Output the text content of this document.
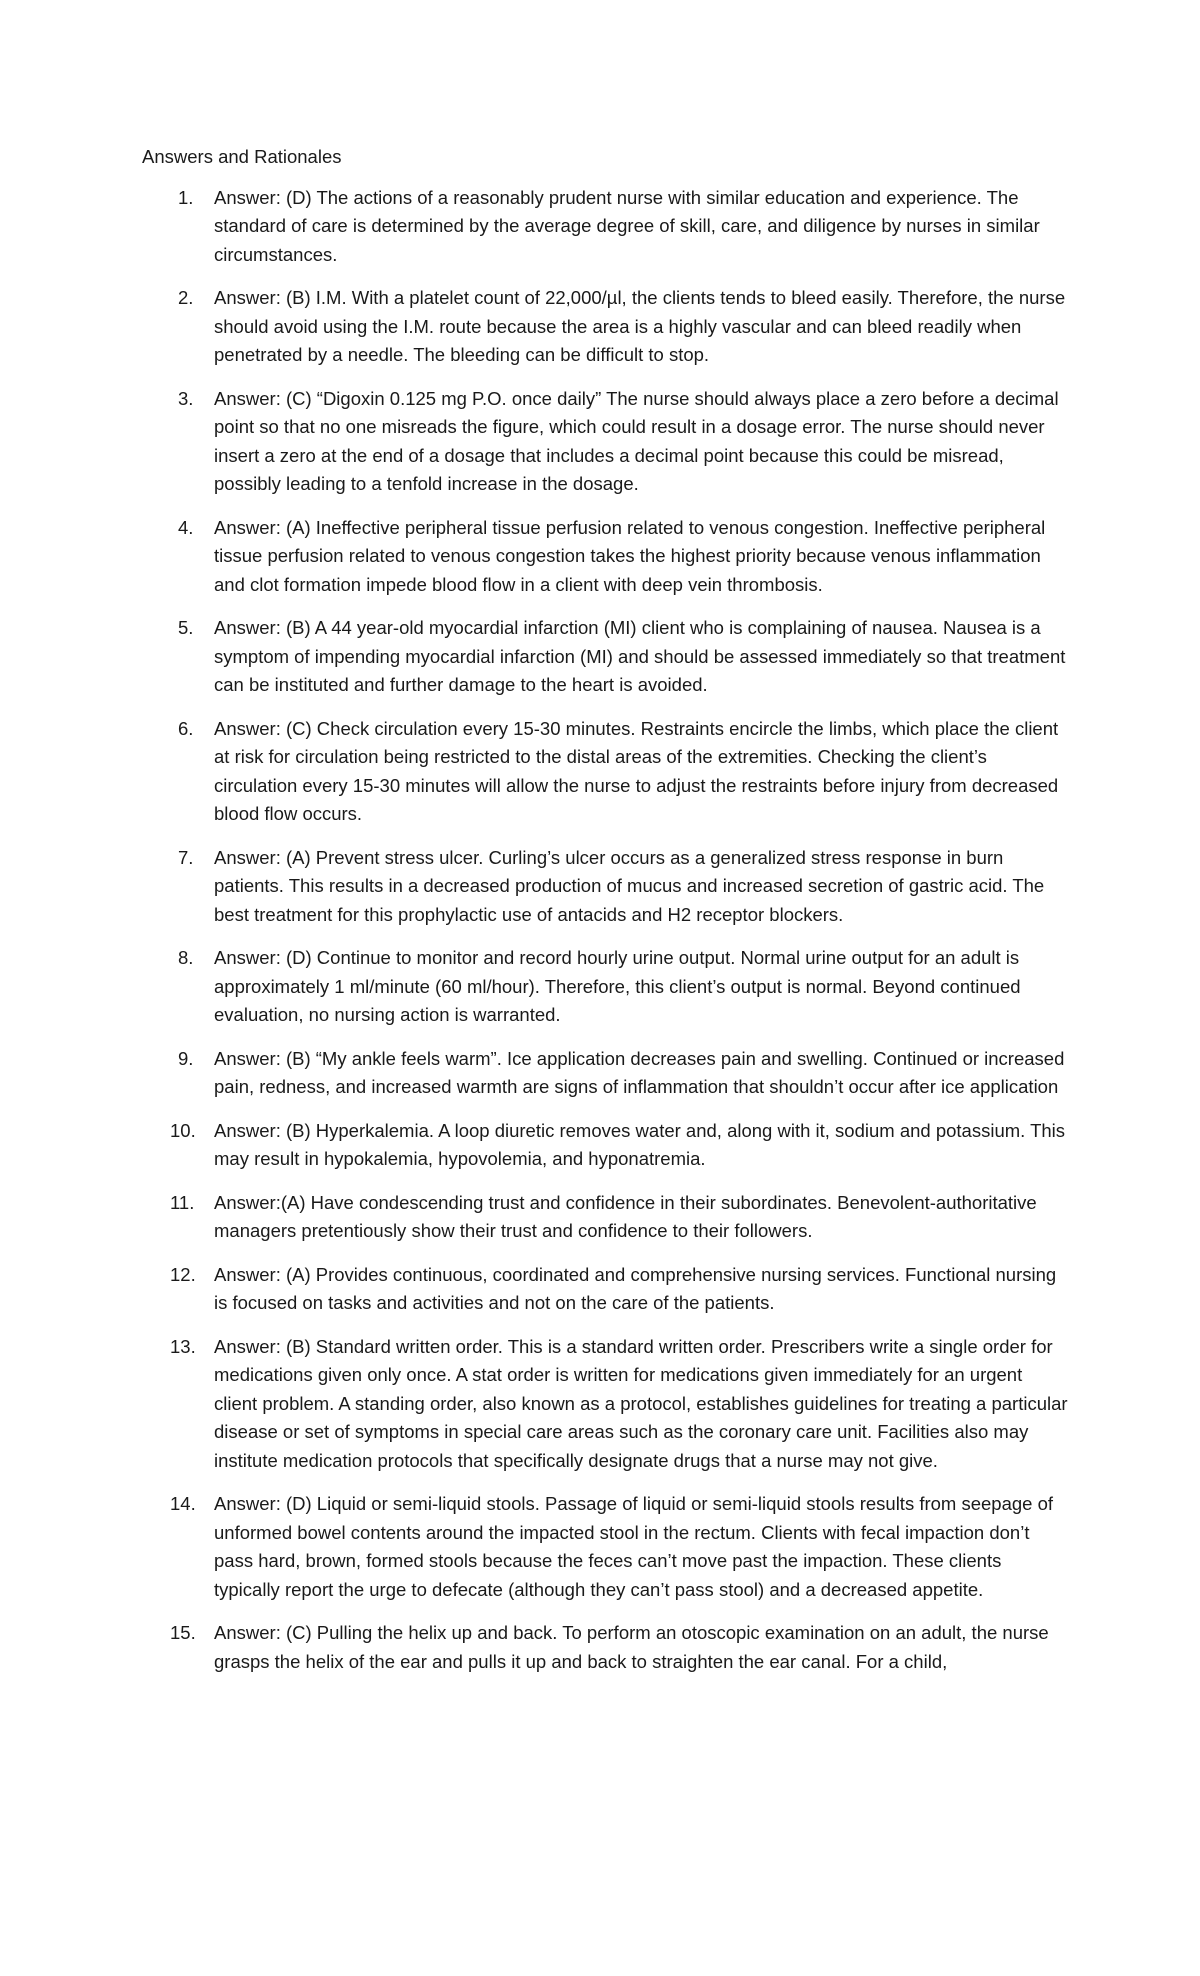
Answers and Rationales
1. Answer: (D) The actions of a reasonably prudent nurse with similar education and experience. The standard of care is determined by the average degree of skill, care, and diligence by nurses in similar circumstances.
2. Answer: (B) I.M. With a platelet count of 22,000/µl, the clients tends to bleed easily. Therefore, the nurse should avoid using the I.M. route because the area is a highly vascular and can bleed readily when penetrated by a needle. The bleeding can be difficult to stop.
3. Answer: (C) “Digoxin 0.125 mg P.O. once daily” The nurse should always place a zero before a decimal point so that no one misreads the figure, which could result in a dosage error. The nurse should never insert a zero at the end of a dosage that includes a decimal point because this could be misread, possibly leading to a tenfold increase in the dosage.
4. Answer: (A) Ineffective peripheral tissue perfusion related to venous congestion. Ineffective peripheral tissue perfusion related to venous congestion takes the highest priority because venous inflammation and clot formation impede blood flow in a client with deep vein thrombosis.
5. Answer: (B) A 44 year-old myocardial infarction (MI) client who is complaining of nausea. Nausea is a symptom of impending myocardial infarction (MI) and should be assessed immediately so that treatment can be instituted and further damage to the heart is avoided.
6. Answer: (C) Check circulation every 15-30 minutes. Restraints encircle the limbs, which place the client at risk for circulation being restricted to the distal areas of the extremities. Checking the client’s circulation every 15-30 minutes will allow the nurse to adjust the restraints before injury from decreased blood flow occurs.
7. Answer: (A) Prevent stress ulcer. Curling’s ulcer occurs as a generalized stress response in burn patients. This results in a decreased production of mucus and increased secretion of gastric acid. The best treatment for this prophylactic use of antacids and H2 receptor blockers.
8. Answer: (D) Continue to monitor and record hourly urine output. Normal urine output for an adult is approximately 1 ml/minute (60 ml/hour). Therefore, this client’s output is normal. Beyond continued evaluation, no nursing action is warranted.
9. Answer: (B) “My ankle feels warm”. Ice application decreases pain and swelling. Continued or increased pain, redness, and increased warmth are signs of inflammation that shouldn’t occur after ice application
10. Answer: (B) Hyperkalemia. A loop diuretic removes water and, along with it, sodium and potassium. This may result in hypokalemia, hypovolemia, and hyponatremia.
11. Answer:(A) Have condescending trust and confidence in their subordinates. Benevolent-authoritative managers pretentiously show their trust and confidence to their followers.
12. Answer: (A) Provides continuous, coordinated and comprehensive nursing services. Functional nursing is focused on tasks and activities and not on the care of the patients.
13. Answer: (B) Standard written order. This is a standard written order. Prescribers write a single order for medications given only once. A stat order is written for medications given immediately for an urgent client problem. A standing order, also known as a protocol, establishes guidelines for treating a particular disease or set of symptoms in special care areas such as the coronary care unit. Facilities also may institute medication protocols that specifically designate drugs that a nurse may not give.
14. Answer: (D) Liquid or semi-liquid stools. Passage of liquid or semi-liquid stools results from seepage of unformed bowel contents around the impacted stool in the rectum. Clients with fecal impaction don’t pass hard, brown, formed stools because the feces can’t move past the impaction. These clients typically report the urge to defecate (although they can’t pass stool) and a decreased appetite.
15. Answer: (C) Pulling the helix up and back. To perform an otoscopic examination on an adult, the nurse grasps the helix of the ear and pulls it up and back to straighten the ear canal. For a child,
